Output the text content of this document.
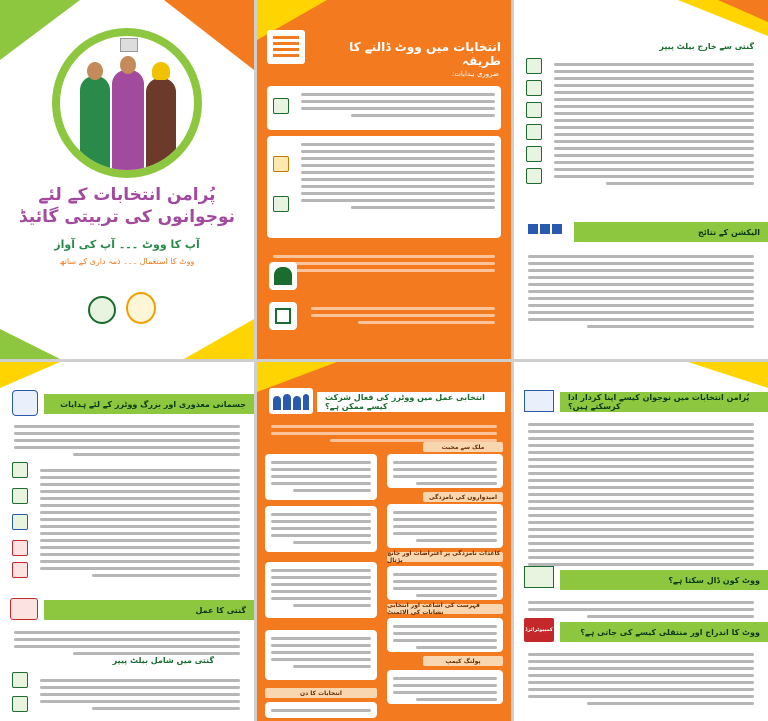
پُرامن انتخابات کے لئے
نوجوانوں کی تربیتی گائیڈ
آپ کا ووٹ ۔۔۔ آپ کی آواز
ووٹ کا استعمال ۔۔۔ ذمہ داری کے ساتھ
انتخابات میں ووٹ ڈالنے کا طریقہ
ضروری ہدایات:
گنتی سے خارج بیلٹ پیپر
الیکشن کے نتائج
جسمانی معذوری اور بزرگ ووٹرز کے لئے ہدایات
گنتی کا عمل
گنتی میں شامل بیلٹ پیپر
انتخابی عمل میں ووٹرز کی فعال شرکت کیسے ممکن ہے؟
ملک سے محبت
امیدواروں کی نامزدگی
کاغذات نامزدگی پر اعتراضات اور جانچ پڑتال
فہرست کی اشاعت اور انتخابی نشانات کی الاٹمنٹ
پولنگ کیمپ
انتخابات کا دن
پُرامن انتخابات میں نوجوان کیسے اپنا کردار ادا کرسکتے ہیں؟
ووٹ کون ڈال سکتا ہے؟
کمپیوٹرائزڈ	ووٹ کا اندراج اور منتقلی کیسے کی جاتی ہے؟
